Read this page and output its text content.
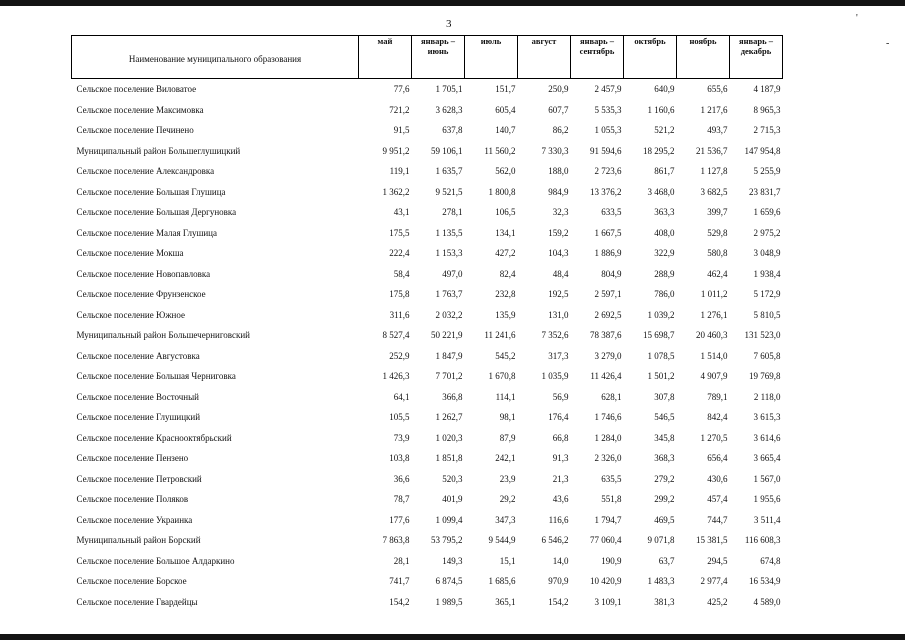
3	'
-
Наименование муниципального образования	май	январь – июнь	июль	август	январь – сентябрь	октябрь	ноябрь	январь – декабрь
Сельское поселение Виловатое	77,6	1 705,1	151,7	250,9	2 457,9	640,9	655,6	4 187,9
Сельское поселение Максимовка	721,2	3 628,3	605,4	607,7	5 535,3	1 160,6	1 217,6	8 965,3
Сельское поселение Печинено	91,5	637,8	140,7	86,2	1 055,3	521,2	493,7	2 715,3
Муниципальный район Большеглушицкий	9 951,2	59 106,1	11 560,2	7 330,3	91 594,6	18 295,2	21 536,7	147 954,8
Сельское поселение Александровка	119,1	1 635,7	562,0	188,0	2 723,6	861,7	1 127,8	5 255,9
Сельское поселение Большая Глушица	1 362,2	9 521,5	1 800,8	984,9	13 376,2	3 468,0	3 682,5	23 831,7
Сельское поселение Большая Дергуновка	43,1	278,1	106,5	32,3	633,5	363,3	399,7	1 659,6
Сельское поселение Малая Глушица	175,5	1 135,5	134,1	159,2	1 667,5	408,0	529,8	2 975,2
Сельское поселение Мокша	222,4	1 153,3	427,2	104,3	1 886,9	322,9	580,8	3 048,9
Сельское поселение Новопавловка	58,4	497,0	82,4	48,4	804,9	288,9	462,4	1 938,4
Сельское поселение Фрунзенское	175,8	1 763,7	232,8	192,5	2 597,1	786,0	1 011,2	5 172,9
Сельское поселение Южное	311,6	2 032,2	135,9	131,0	2 692,5	1 039,2	1 276,1	5 810,5
Муниципальный район Большечерниговский	8 527,4	50 221,9	11 241,6	7 352,6	78 387,6	15 698,7	20 460,3	131 523,0
Сельское поселение Августовка	252,9	1 847,9	545,2	317,3	3 279,0	1 078,5	1 514,0	7 605,8
Сельское поселение Большая Черниговка	1 426,3	7 701,2	1 670,8	1 035,9	11 426,4	1 501,2	4 907,9	19 769,8
Сельское поселение Восточный	64,1	366,8	114,1	56,9	628,1	307,8	789,1	2 118,0
Сельское поселение Глушицкий	105,5	1 262,7	98,1	176,4	1 746,6	546,5	842,4	3 615,3
Сельское поселение Краснооктябрьский	73,9	1 020,3	87,9	66,8	1 284,0	345,8	1 270,5	3 614,6
Сельское поселение Пензено	103,8	1 851,8	242,1	91,3	2 326,0	368,3	656,4	3 665,4
Сельское поселение Петровский	36,6	520,3	23,9	21,3	635,5	279,2	430,6	1 567,0
Сельское поселение Поляков	78,7	401,9	29,2	43,6	551,8	299,2	457,4	1 955,6
Сельское поселение Украинка	177,6	1 099,4	347,3	116,6	1 794,7	469,5	744,7	3 511,4
Муниципальный район Борский	7 863,8	53 795,2	9 544,9	6 546,2	77 060,4	9 071,8	15 381,5	116 608,3
Сельское поселение Большое Алдаркино	28,1	149,3	15,1	14,0	190,9	63,7	294,5	674,8
Сельское поселение Борское	741,7	6 874,5	1 685,6	970,9	10 420,9	1 483,3	2 977,4	16 534,9
Сельское поселение Гвардейцы	154,2	1 989,5	365,1	154,2	3 109,1	381,3	425,2	4 589,0
